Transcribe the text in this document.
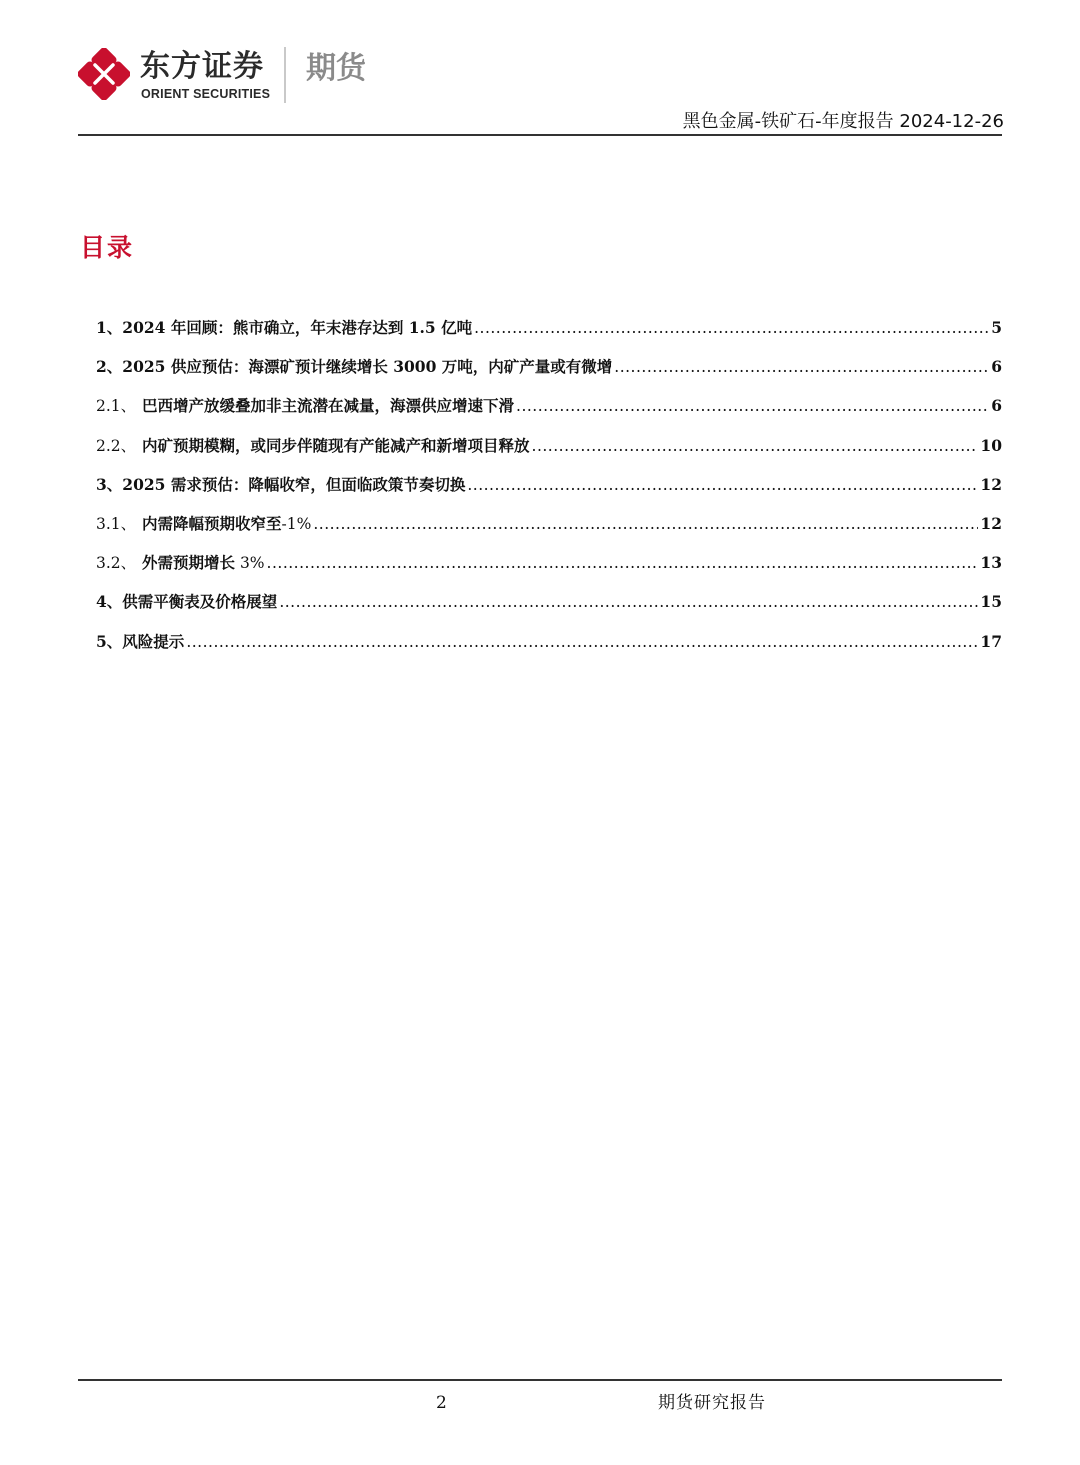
东方证券
ORIENT SECURITIES
期货
黑色金属-铁矿石-年度报告 2024-12-26
目录
1、 2024 年回顾：熊市确立，年末港存达到 1.5 亿吨 .....	5
2、 2025 供应预估：海漂矿预计继续增长 3000 万吨，内矿产量或有微增 .....	6
2.1、 巴西增产放缓叠加非主流潜在减量，海漂供应增速下滑 .....	6
2.2、 内矿预期模糊，或同步伴随现有产能减产和新增项目释放 .....	10
3、 2025 需求预估：降幅收窄，但面临政策节奏切换 .....	12
3.1、 内需降幅预期收窄至-1% .....	12
3.2、 外需预期增长 3% .....	13
4、 供需平衡表及价格展望 .....	15
5、 风险提示 .....	17
2	期货研究报告
